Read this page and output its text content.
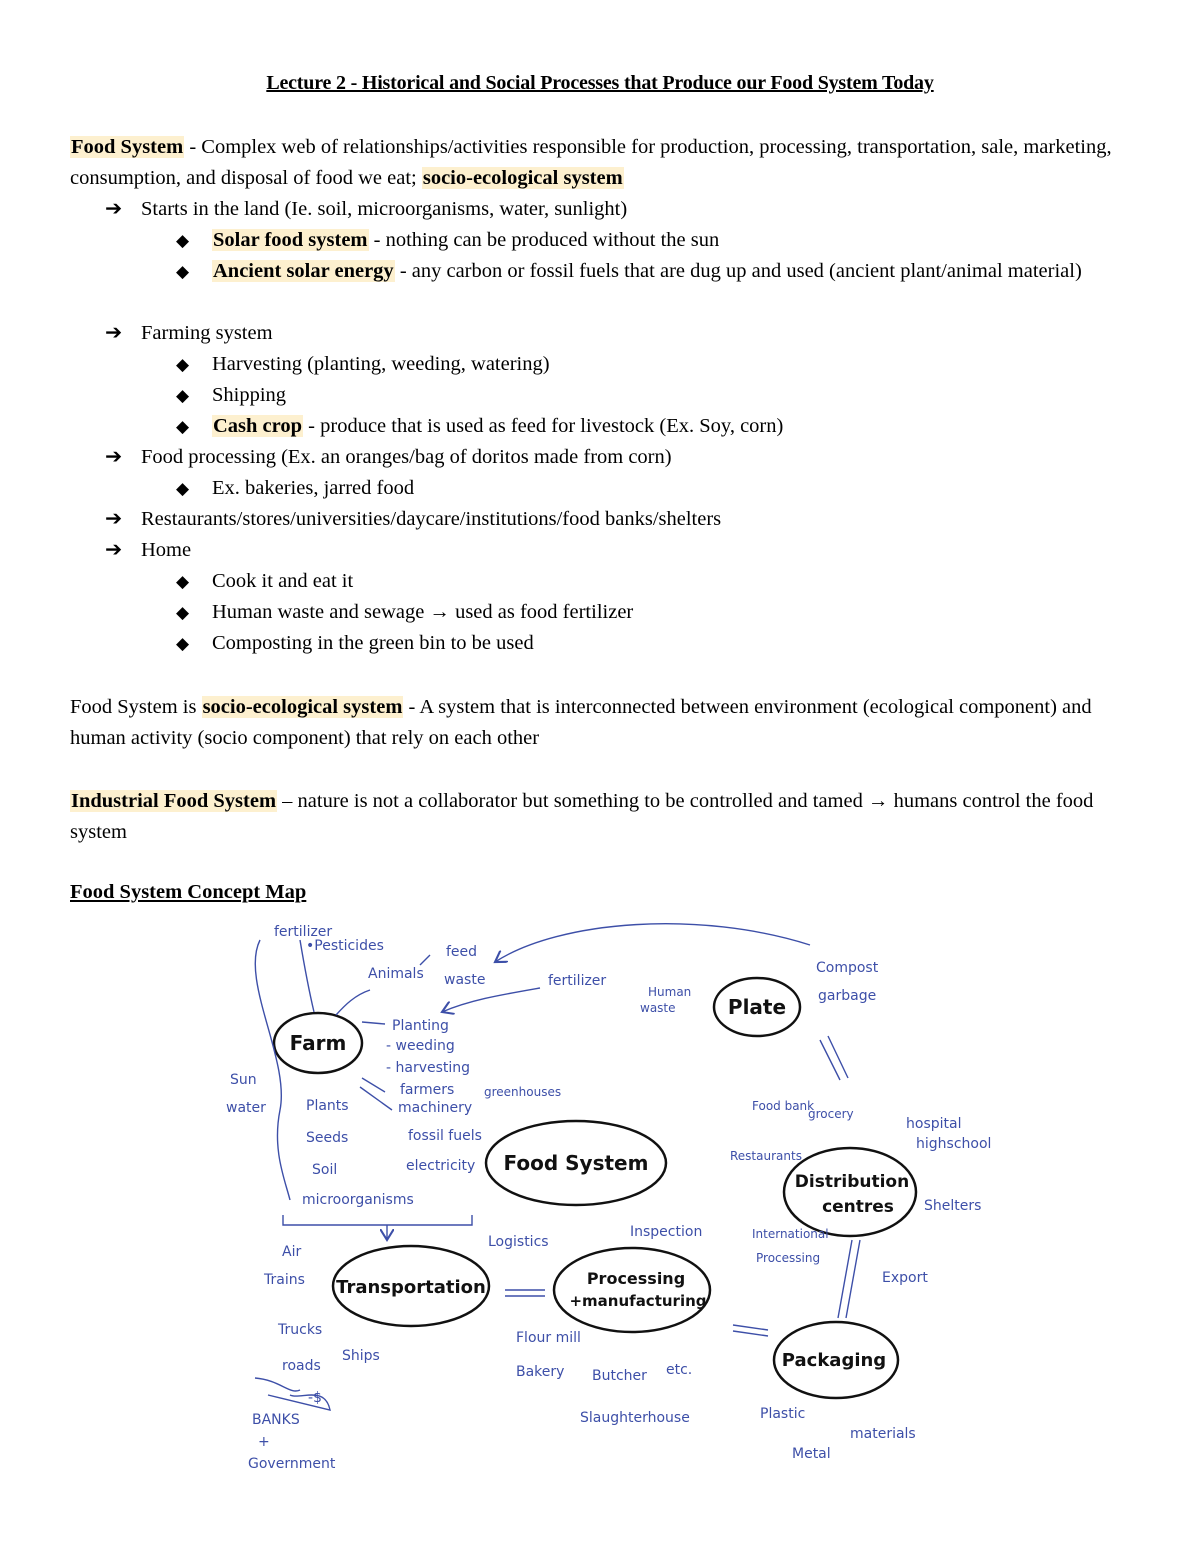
Lecture 2 - Historical and Social Processes that Produce our Food System Today
Food System - Complex web of relationships/activities responsible for production, processing, transportation, sale, marketing, consumption, and disposal of food we eat; socio-ecological system
➔ Starts in the land (Ie. soil, microorganisms, water, sunlight)
◆ Solar food system - nothing can be produced without the sun
◆ Ancient solar energy - any carbon or fossil fuels that are dug up and used (ancient plant/animal material)
➔ Farming system
◆ Harvesting (planting, weeding, watering)
◆ Shipping
◆ Cash crop - produce that is used as feed for livestock (Ex. Soy, corn)
➔ Food processing (Ex. an oranges/bag of doritos made from corn)
◆ Ex. bakeries, jarred food
➔ Restaurants/stores/universities/daycare/institutions/food banks/shelters
➔ Home
◆ Cook it and eat it
◆ Human waste and sewage → used as food fertilizer
◆ Composting in the green bin to be used
Food System is socio-ecological system - A system that is interconnected between environment (ecological component) and human activity (socio component) that rely on each other
Industrial Food System – nature is not a collaborator but something to be controlled and tamed → humans control the food system
Food System Concept Map
Farm
Food System
Plate
Distribution
centres
Transportation	Processing
+manufacturing
Packaging
fertilizer
•Pesticides	feed
Animals waste	fertilizer
Human
waste
Compost
garbage
Planting
- weeding
- harvesting
farmers greenhouses
machinery
fossil fuels
electricity
Sun
water	Plants
Seeds
Soil
microorganisms
Food bank
grocery
Restaurants
hospital
highschool
Shelters
International
Processing
Export
Logistics
Inspection
Air
Trains
Trucks
roads
Ships
-$
BANKS
+
Government
Flour mill
Bakery Butcher etc.
Slaughterhouse	Plastic
Metal
materials
